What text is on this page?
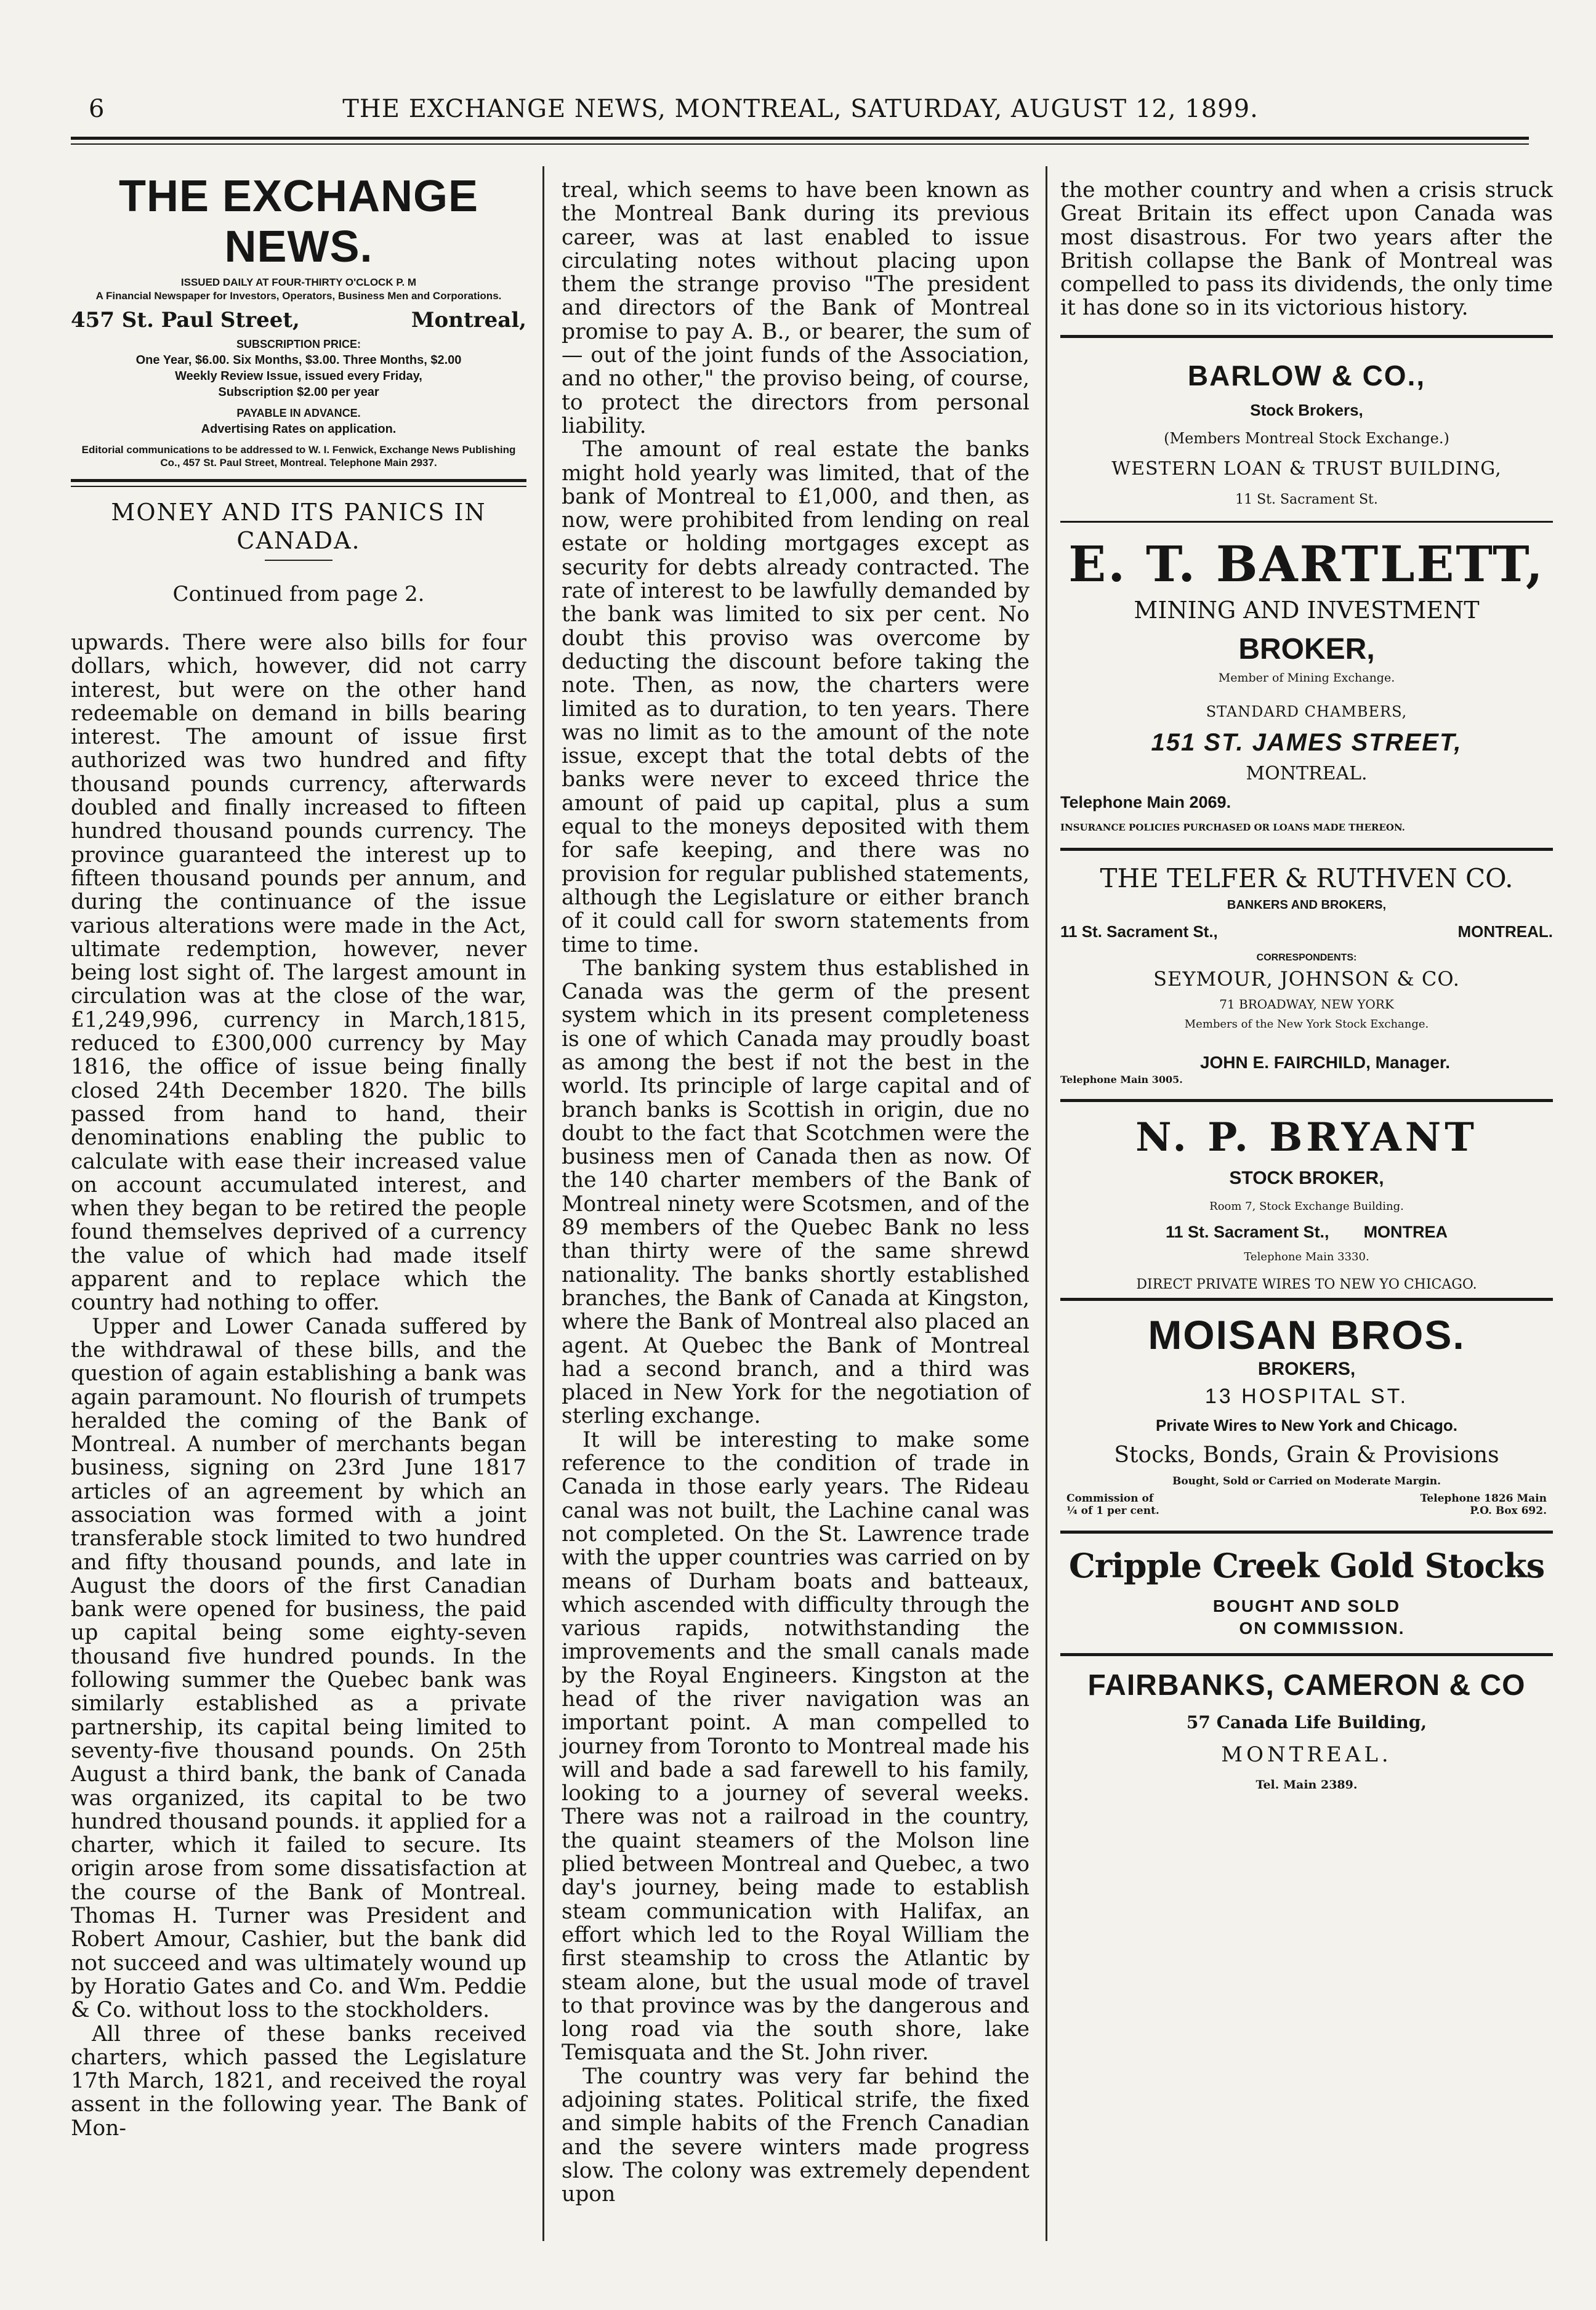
6	THE EXCHANGE NEWS, MONTREAL, SATURDAY, AUGUST 12, 1899.
THE EXCHANGE NEWS.
ISSUED DAILY AT FOUR-THIRTY O'CLOCK P. M
A Financial Newspaper for Investors, Operators, Business Men and Corporations.
457 St. Paul Street,	Montreal,
SUBSCRIPTION PRICE:
One Year, $6.00. Six Months, $3.00. Three Months, $2.00
Weekly Review Issue, issued every Friday,
Subscription $2.00 per year
PAYABLE IN ADVANCE.
Advertising Rates on application.
Editorial communications to be addressed to W. I. Fenwick, Exchange News Publishing Co., 457 St. Paul Street, Montreal. Telephone Main 2937.
MONEY AND ITS PANICS IN
CANADA.
Continued from page 2.

upwards. There were also bills for four dollars, which, however, did not carry interest, but were on the other hand redeemable on demand in bills bearing interest. The amount of issue first authorized was two hundred and fifty thousand pounds currency, afterwards doubled and finally increased to fifteen hundred thousand pounds currency. The province guaranteed the interest up to fifteen thousand pounds per annum, and during the continuance of the issue various alterations were made in the Act, ultimate redemption, however, never being lost sight of. The largest amount in circulation was at the close of the war, £1,249,996, currency in March,1815, reduced to £300,000 currency by May 1816, the office of issue being finally closed 24th December 1820. The bills passed from hand to hand, their denominations enabling the public to calculate with ease their increased value on account accumulated interest, and when they began to be retired the people found themselves deprived of a currency the value of which had made itself apparent and to replace which the country had nothing to offer.

Upper and Lower Canada suffered by the withdrawal of these bills, and the question of again establishing a bank was again paramount. No flourish of trumpets heralded the coming of the Bank of Montreal. A number of merchants began business, signing on 23rd June 1817 articles of an agreement by which an association was formed with a joint transferable stock limited to two hundred and fifty thousand pounds, and late in August the doors of the first Canadian bank were opened for business, the paid up capital being some eighty-seven thousand five hundred pounds. In the following summer the Quebec bank was similarly established as a private partnership, its capital being limited to seventy-five thousand pounds. On 25th August a third bank, the bank of Canada was organized, its capital to be two hundred thousand pounds. it applied for a charter, which it failed to secure. Its origin arose from some dissatisfaction at the course of the Bank of Montreal. Thomas H. Turner was President and Robert Amour, Cashier, but the bank did not succeed and was ultimately wound up by Horatio Gates and Co. and Wm. Peddie & Co. without loss to the stockholders.

All three of these banks received charters, which passed the Legislature 17th March, 1821, and received the royal assent in the following year. The Bank of Mon-

treal, which seems to have been known as the Montreal Bank during its previous career, was at last enabled to issue circulating notes without placing upon them the strange proviso "The president and directors of the Bank of Montreal promise to pay A. B., or bearer, the sum of — out of the joint funds of the Association, and no other," the proviso being, of course, to protect the directors from personal liability.

The amount of real estate the banks might hold yearly was limited, that of the bank of Montreal to £1,000, and then, as now, were prohibited from lending on real estate or holding mortgages except as security for debts already contracted. The rate of interest to be lawfully demanded by the bank was limited to six per cent. No doubt this proviso was overcome by deducting the discount before taking the note. Then, as now, the charters were limited as to duration, to ten years. There was no limit as to the amount of the note issue, except that the total debts of the banks were never to exceed thrice the amount of paid up capital, plus a sum equal to the moneys deposited with them for safe keeping, and there was no provision for regular published statements, although the Legislature or either branch of it could call for sworn statements from time to time.

The banking system thus established in Canada was the germ of the present system which in its present completeness is one of which Canada may proudly boast as among the best if not the best in the world. Its principle of large capital and of branch banks is Scottish in origin, due no doubt to the fact that Scotchmen were the business men of Canada then as now. Of the 140 charter members of the Bank of Montreal ninety were Scotsmen, and of the 89 members of the Quebec Bank no less than thirty were of the same shrewd nationality. The banks shortly established branches, the Bank of Canada at Kingston, where the Bank of Montreal also placed an agent. At Quebec the Bank of Montreal had a second branch, and a third was placed in New York for the negotiation of sterling exchange.

It will be interesting to make some reference to the condition of trade in Canada in those early years. The Rideau canal was not built, the Lachine canal was not completed. On the St. Lawrence trade with the upper countries was carried on by means of Durham boats and batteaux, which ascended with difficulty through the various rapids, notwithstanding the improvements and the small canals made by the Royal Engineers. Kingston at the head of the river navigation was an important point. A man compelled to journey from Toronto to Montreal made his will and bade a sad farewell to his family, looking to a journey of several weeks. There was not a railroad in the country, the quaint steamers of the Molson line plied between Montreal and Quebec, a two day's journey, being made to establish steam communication with Halifax, an effort which led to the Royal William the first steamship to cross the Atlantic by steam alone, but the usual mode of travel to that province was by the dangerous and long road via the south shore, lake Temisquata and the St. John river.

The country was very far behind the adjoining states. Political strife, the fixed and simple habits of the French Canadian and the severe winters made progress slow. The colony was extremely dependent upon

the mother country and when a crisis struck Great Britain its effect upon Canada was most disastrous. For two years after the British collapse the Bank of Montreal was compelled to pass its dividends, the only time it has done so in its victorious history.

BARLOW & CO.,
Stock Brokers,
(Members Montreal Stock Exchange.)
WESTERN LOAN & TRUST BUILDING,
11 St. Sacrament St.
E. T. BARTLETT,
MINING AND INVESTMENT
BROKER,
Member of Mining Exchange.
STANDARD CHAMBERS,
151 ST. JAMES STREET,
MONTREAL.
Telephone Main 2069.
INSURANCE POLICIES PURCHASED OR LOANS MADE THEREON.
THE TELFER & RUTHVEN CO.
BANKERS AND BROKERS,
11 St. Sacrament St.,	MONTREAL.
CORRESPONDENTS:
SEYMOUR, JOHNSON & CO.
71 BROADWAY, NEW YORK
Members of the New York Stock Exchange.
JOHN E. FAIRCHILD, Manager.
Telephone Main 3005.
N. P. BRYANT
STOCK BROKER,
Room 7, Stock Exchange Building.
11 St. Sacrament St., MONTREA
Telephone Main 3330.
DIRECT PRIVATE WIRES TO NEW YO CHICAGO.
MOISAN BROS.
BROKERS,
13 HOSPITAL ST.
Private Wires to New York and Chicago.
Stocks, Bonds, Grain & Provisions
Bought, Sold or Carried on Moderate Margin.
Commission of
¼ of 1 per cent.
Telephone 1826 Main
P.O. Box 692.
Cripple Creek Gold Stocks
BOUGHT AND SOLD
ON COMMISSION.
FAIRBANKS, CAMERON & CO
57 Canada Life Building,
MONTREAL.
Tel. Main 2389.
